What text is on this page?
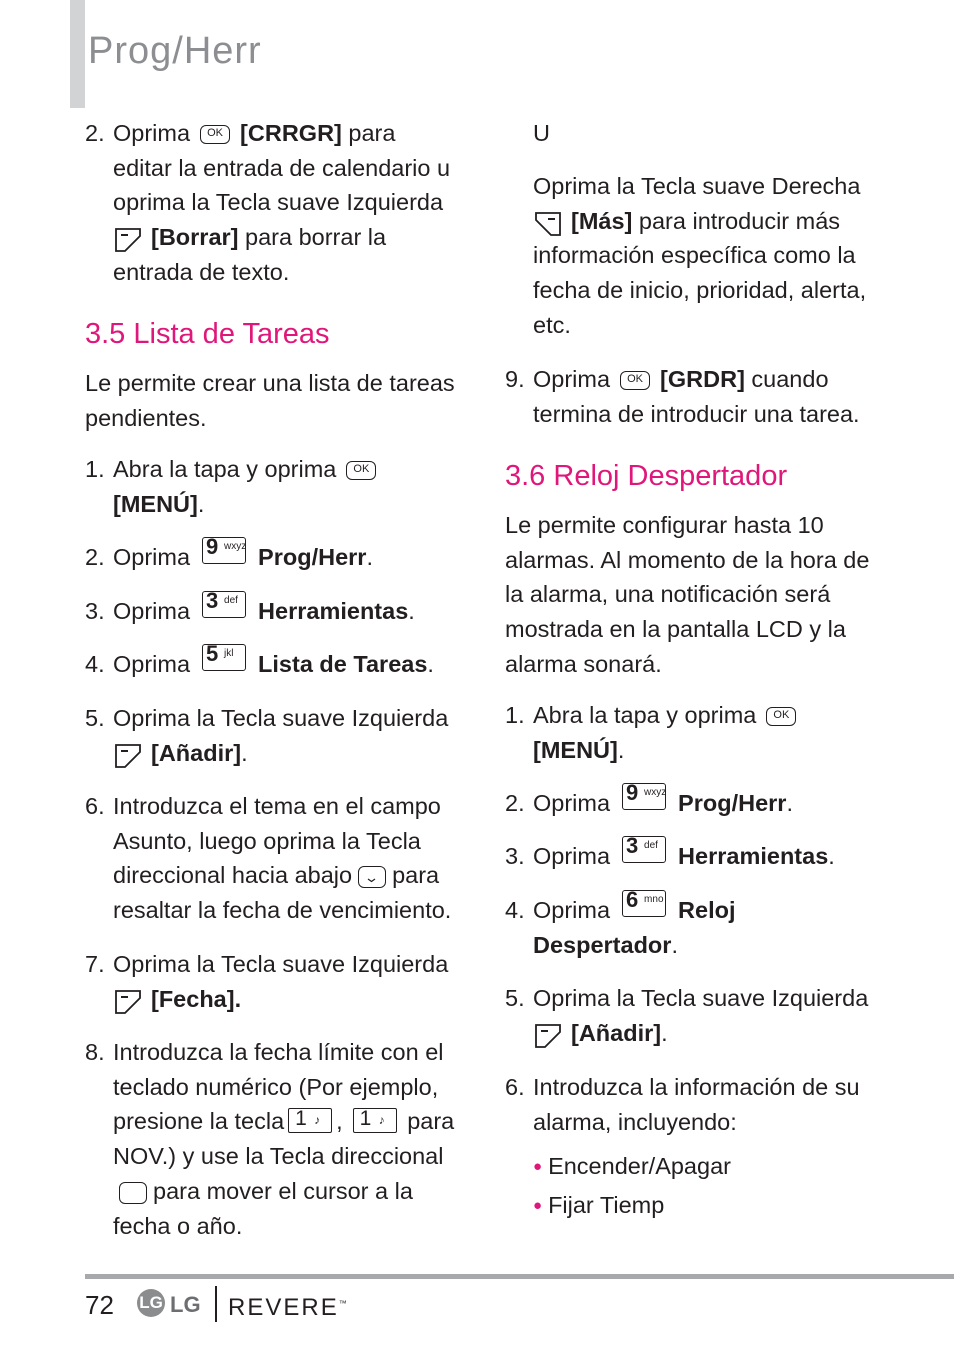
Prog/Herr
2. Oprima OK [CRRGR] para editar la entrada de calendario u oprima la Tecla suave Izquierda [Borrar] para borrar la entrada de texto.
3.5 Lista de Tareas
Le permite crear una lista de tareas pendientes.
1. Abra la tapa y oprima OK [MENÚ].
2. Oprima 9 wxyz Prog/Herr.
3. Oprima 3 def Herramientas.
4. Oprima 5 jkl Lista de Tareas.
5. Oprima la Tecla suave Izquierda [Añadir].
6. Introduzca el tema en el campo Asunto, luego oprima la Tecla direccional hacia abajo para resaltar la fecha de vencimiento.
7. Oprima la Tecla suave Izquierda [Fecha].
8. Introduzca la fecha límite con el teclado numérico (Por ejemplo, presione la tecla 1 ♪ , 1 ♪ para NOV.) y use la Tecla direccionalpara mover el cursor a la fecha o año.
U
Oprima la Tecla suave Derecha [Más] para introducir más información específica como la fecha de inicio, prioridad, alerta, etc.
9. Oprima OK [GRDR] cuando termina de introducir una tarea.
3.6 Reloj Despertador
Le permite configurar hasta 10 alarmas. Al momento de la hora de la alarma, una notificación será mostrada en la pantalla LCD y la alarma sonará.
1. Abra la tapa y oprima OK [MENÚ].
2. Oprima 9 wxyz Prog/Herr.
3. Oprima 3 def Herramientas.
4. Oprima 6 mno Reloj Despertador.
5. Oprima la Tecla suave Izquierda [Añadir].
6. Introduzca la información de su alarma, incluyendo:
● Encender/Apagar
● Fijar Tiemp
72 LG LG REVERE™
